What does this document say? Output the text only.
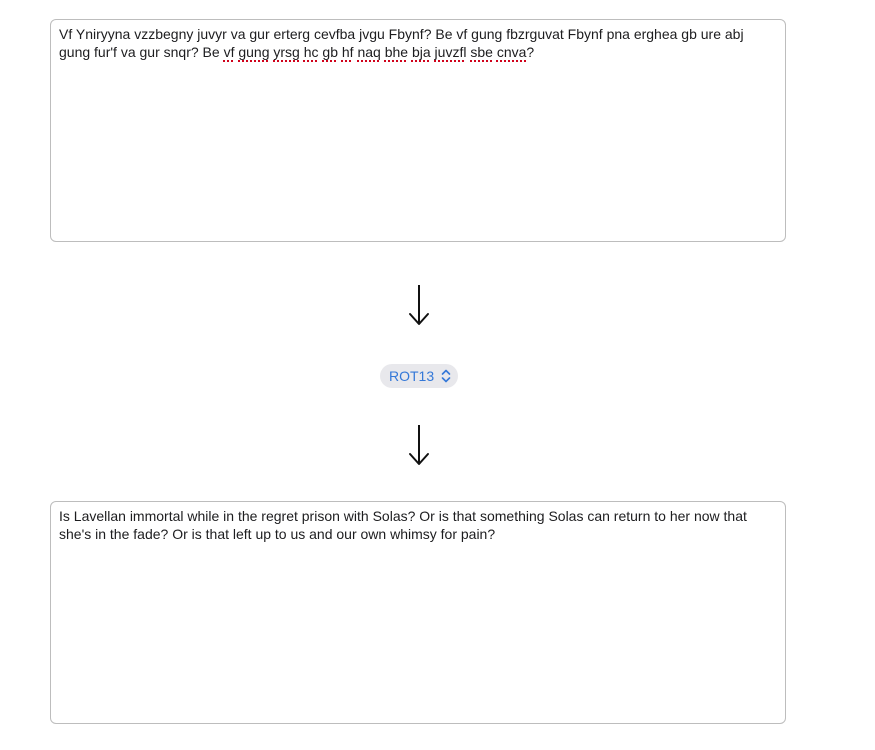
Vf Yniryyna vzzbegny juvyr va gur erterg cevfba jvgu Fbynf? Be vf gung fbzrguvat Fbynf pna erghea gb ure abj gung fur'f va gur snqr? Be vf gung yrsg hc gb hf naq bhe bja juvzfl sbe cnva?
ROT13
Is Lavellan immortal while in the regret prison with Solas? Or is that something Solas can return to her now that she's in the fade? Or is that left up to us and our own whimsy for pain?
